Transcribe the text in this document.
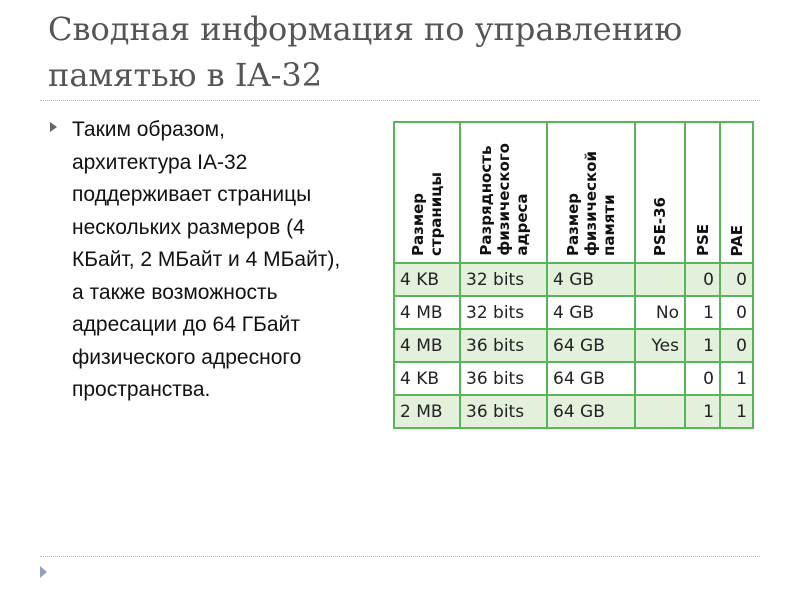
Сводная информация по управлению памятью в IA-32
Таким образом, архитектура IA-32 поддерживает страницы нескольких размеров (4 КБайт, 2 МБайт и 4 МБайт), а также возможность адресации до 64 ГБайт физического адресного пространства.
Размер
страницы	Разрядность
физического
адреса	Размер
физической
памяти	PSE-36	PSE	PAE

4 KB	32 bits	4 GB		0	0
4 MB	32 bits	4 GB	No	1	0
4 MB	36 bits	64 GB	Yes	1	0
4 KB	36 bits	64 GB		0	1
2 MB	36 bits	64 GB		1	1
